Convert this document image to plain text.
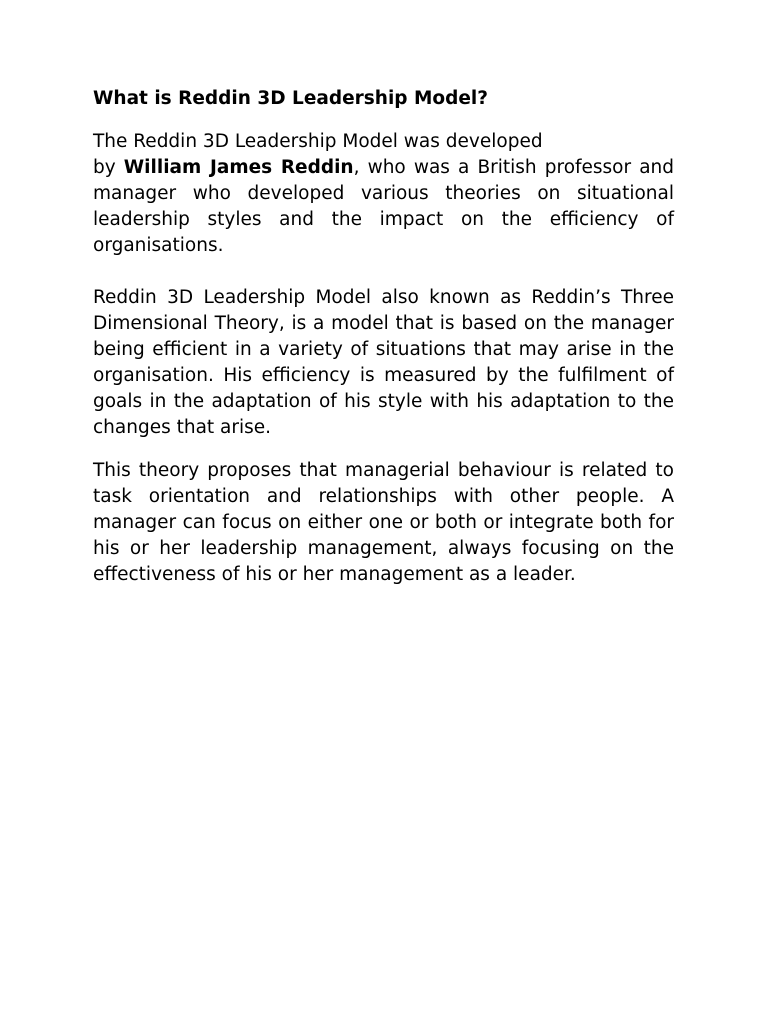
What is Reddin 3D Leadership Model?

The Reddin 3D Leadership Model was developed
by William James Reddin, who was a British professor and manager who developed various theories on situational leadership styles and the impact on the efficiency of organisations.

Reddin 3D Leadership Model also known as Reddin’s Three Dimensional Theory, is a model that is based on the manager being efficient in a variety of situations that may arise in the organisation. His efficiency is measured by the fulfilment of goals in the adaptation of his style with his adaptation to the changes that arise.

This theory proposes that managerial behaviour is related to task orientation and relationships with other people. A manager can focus on either one or both or integrate both for his or her leadership management, always focusing on the effectiveness of his or her management as a leader.
